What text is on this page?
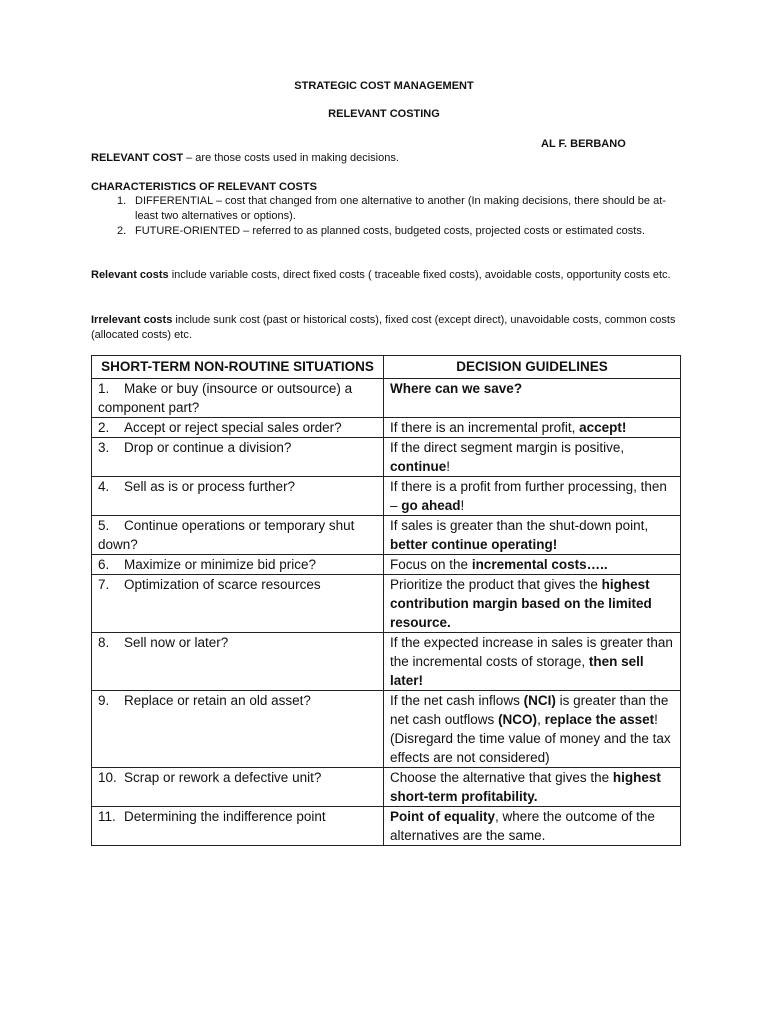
STRATEGIC COST MANAGEMENT
RELEVANT COSTING
AL F. BERBANO
RELEVANT COST – are those costs used in making decisions.
CHARACTERISTICS OF RELEVANT COSTS
1. DIFFERENTIAL – cost that changed from one alternative to another (In making decisions, there should be at-least two alternatives or options).
2. FUTURE-ORIENTED – referred to as planned costs, budgeted costs, projected costs or estimated costs.
Relevant costs include variable costs, direct fixed costs ( traceable fixed costs), avoidable costs, opportunity costs etc.
Irrelevant costs include sunk cost (past or historical costs), fixed cost (except direct), unavoidable costs, common costs (allocated costs) etc.
SHORT-TERM NON-ROUTINE SITUATIONS	DECISION GUIDELINES
1. Make or buy (insource or outsource) a component part?	Where can we save?
2. Accept or reject special sales order?	If there is an incremental profit, accept!
3. Drop or continue a division?	If the direct segment margin is positive, continue!
4. Sell as is or process further?	If there is a profit from further processing, then – go ahead!
5. Continue operations or temporary shut down?	If sales is greater than the shut-down point, better continue operating!
6. Maximize or minimize bid price?	Focus on the incremental costs…..
7. Optimization of scarce resources	Prioritize the product that gives the highest contribution margin based on the limited resource.
8. Sell now or later?	If the expected increase in sales is greater than the incremental costs of storage, then sell later!
9. Replace or retain an old asset?	If the net cash inflows (NCI) is greater than the net cash outflows (NCO), replace the asset! (Disregard the time value of money and the tax effects are not considered)
10. Scrap or rework a defective unit?	Choose the alternative that gives the highest short-term profitability.
11. Determining the indifference point	Point of equality, where the outcome of the alternatives are the same.
